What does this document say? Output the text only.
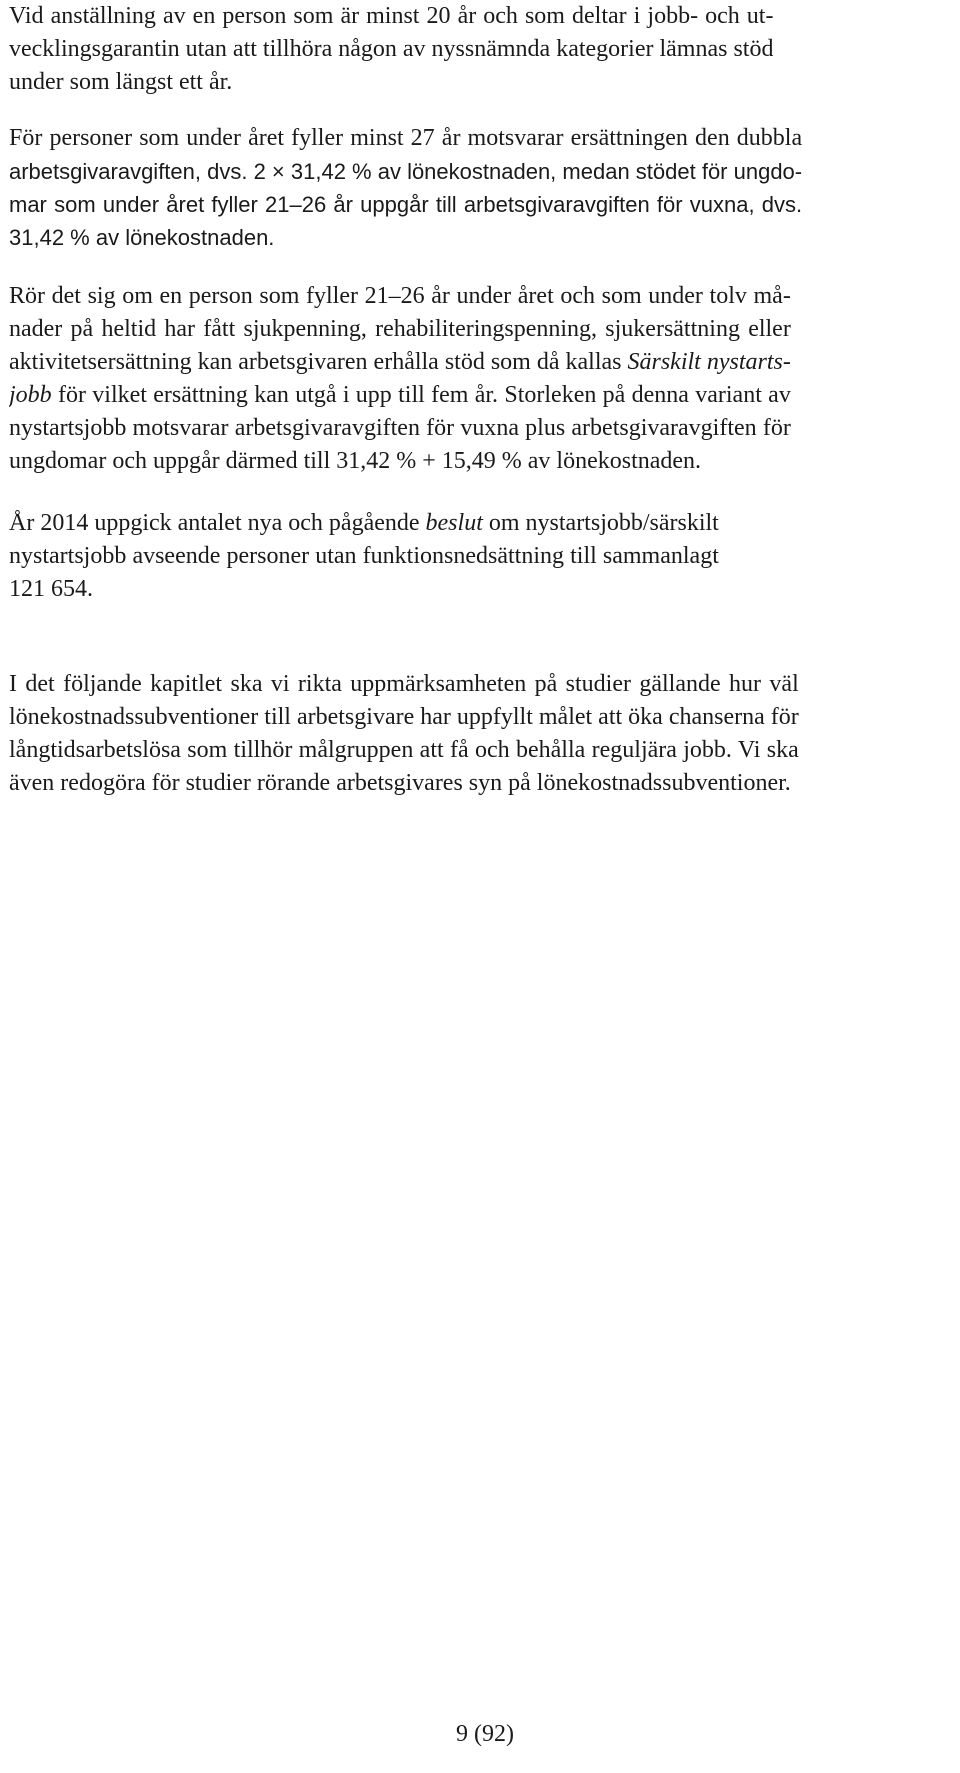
Vid anställning av en person som är minst 20 år och som deltar i jobb- och ut-
vecklingsgarantin utan att tillhöra någon av nyssnämnda kategorier lämnas stöd
under som längst ett år.
För personer som under året fyller minst 27 år motsvarar ersättningen den dubbla
arbetsgivaravgiften, dvs. 2 × 31,42 % av lönekostnaden, medan stödet för ungdo-
mar som under året fyller 21–26 år uppgår till arbetsgivaravgiften för vuxna, dvs.
31,42 % av lönekostnaden.
Rör det sig om en person som fyller 21–26 år under året och som under tolv må-
nader på heltid har fått sjukpenning, rehabiliteringspenning, sjukersättning eller
aktivitetsersättning kan arbetsgivaren erhålla stöd som då kallas Särskilt nystarts-
jobb för vilket ersättning kan utgå i upp till fem år. Storleken på denna variant av
nystartsjobb motsvarar arbetsgivaravgiften för vuxna plus arbetsgivaravgiften för
ungdomar och uppgår därmed till 31,42 % + 15,49 % av lönekostnaden.
År 2014 uppgick antalet nya och pågående beslut om nystartsjobb/särskilt
nystartsjobb avseende personer utan funktionsnedsättning till sammanlagt
121 654.
I det följande kapitlet ska vi rikta uppmärksamheten på studier gällande hur väl
lönekostnadssubventioner till arbetsgivare har uppfyllt målet att öka chanserna för
långtidsarbetslösa som tillhör målgruppen att få och behålla reguljära jobb. Vi ska
även redogöra för studier rörande arbetsgivares syn på lönekostnadssubventioner.
9 (92)
